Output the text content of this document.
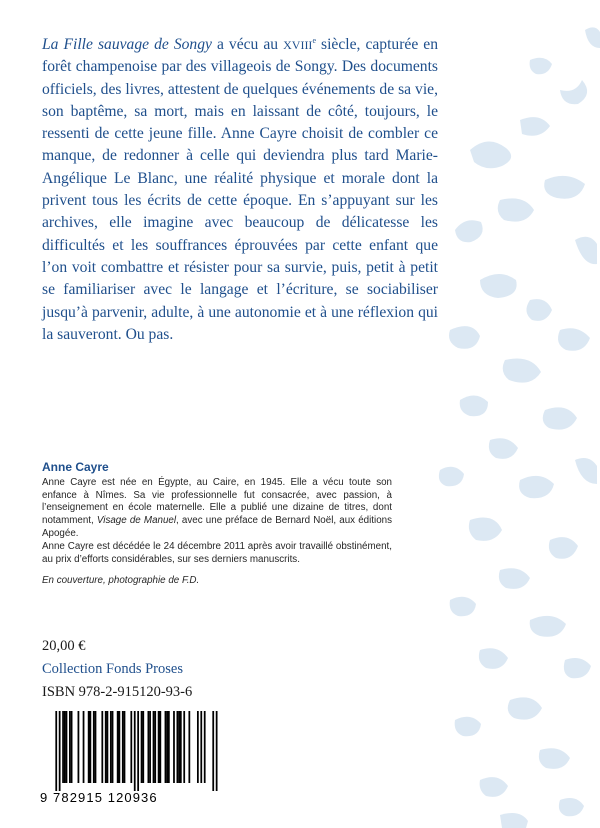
La Fille sauvage de Songy a vécu au XVIIIe siècle, capturée en forêt champenoise par des villageois de Songy. Des documents officiels, des livres, attestent de quelques événements de sa vie, son baptême, sa mort, mais en laissant de côté, toujours, le ressenti de cette jeune fille. Anne Cayre choisit de combler ce manque, de redonner à celle qui deviendra plus tard Marie-Angélique Le Blanc, une réalité physique et morale dont la privent tous les écrits de cette époque. En s’appuyant sur les archives, elle imagine avec beaucoup de délicatesse les difficultés et les souffrances éprouvées par cette enfant que l’on voit combattre et résister pour sa survie, puis, petit à petit se familiariser avec le langage et l’écriture, se sociabiliser jusqu’à parvenir, adulte, à une autonomie et à une réflexion qui la sauveront. Ou pas.

Anne Cayre

Anne Cayre est née en Égypte, au Caire, en 1945. Elle a vécu toute son enfance à Nîmes. Sa vie professionnelle fut consacrée, avec passion, à l’enseignement en école maternelle. Elle a publié une dizaine de titres, dont notamment, Visage de Manuel, avec une préface de Bernard Noël, aux éditions Apogée.

Anne Cayre est décédée le 24 décembre 2011 après avoir travaillé obstinément, au prix d’efforts considérables, sur ses derniers manuscrits.

En couverture, photographie de F.D.

20,00 €
Collection Fonds Proses
ISBN 978-2-915120-93-6
9 782915 120936
